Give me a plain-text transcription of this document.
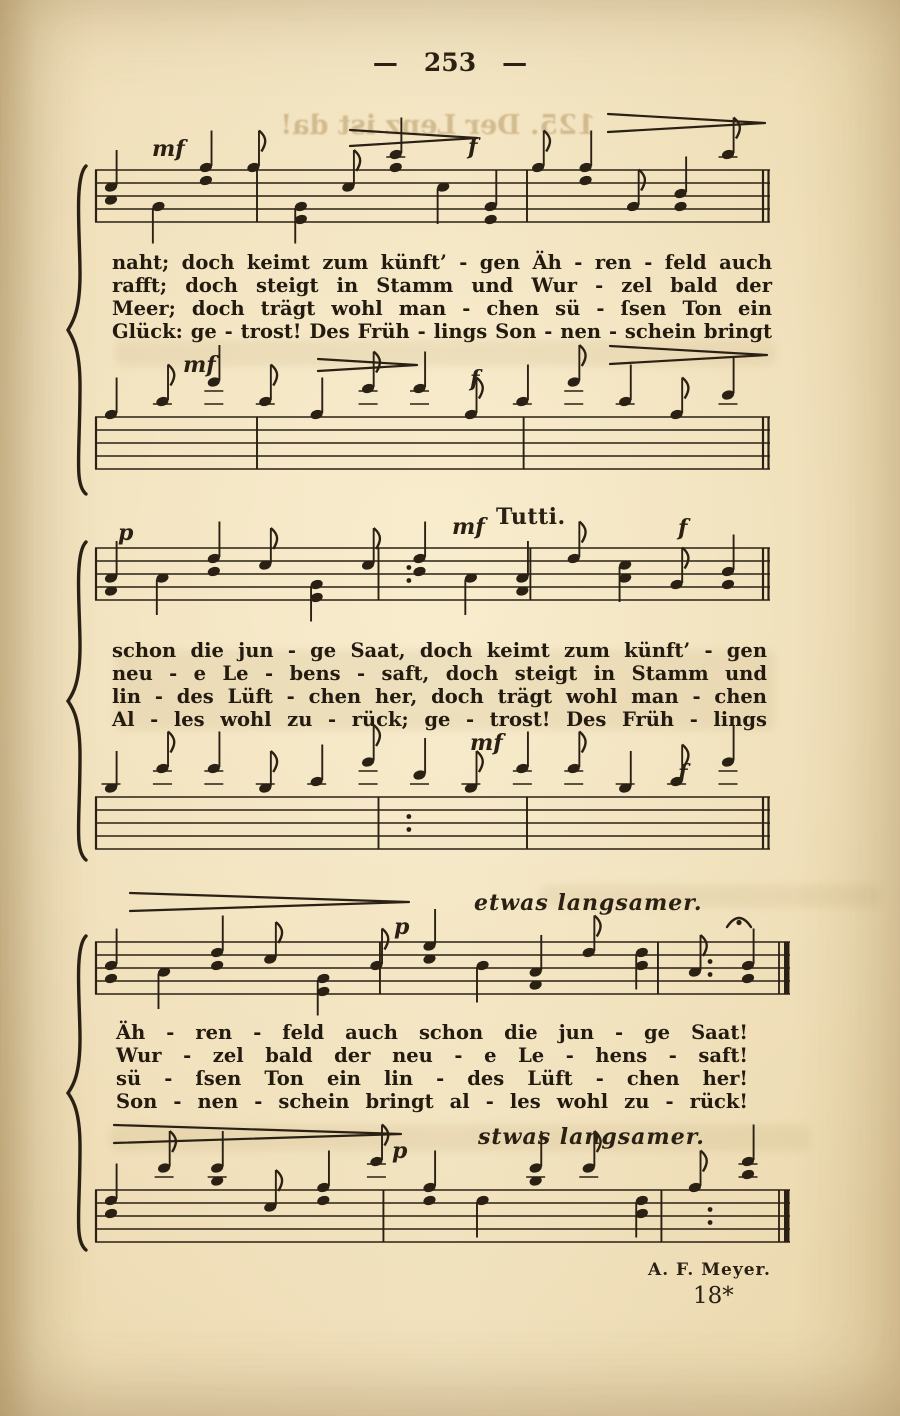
125. Der Lenz ist da!
— 253 —
mf	f
mf
f
naht; doch keimt zum künft’ - gen Äh - ren - feld auch
rafft; doch steigt in Stamm und Wur - zel bald der
Meer; doch trägt wohl man - chen sü - ſsen Ton ein
Glück: ge - trost! Des Früh - lings Son - nen - schein bringt
p	mf Tutti.	f
mf
f
schon die jun - ge Saat, doch keimt zum künft’ - gen
neu - e Le - bens - saft, doch steigt in Stamm und
lin - des Lüft - chen her, doch trägt wohl man - chen
Al - les wohl zu - rück; ge - trost! Des Früh - lings
etwas langsamer.
p
stwas langsamer.
p
Äh - ren - feld auch schon die jun - ge Saat!
Wur - zel bald der neu - e Le - hens - saft!
sü - ſsen Ton ein lin - des Lüft - chen her!
Son - nen - schein bringt al - les wohl zu - rück!
A. F. Meyer.
18*
